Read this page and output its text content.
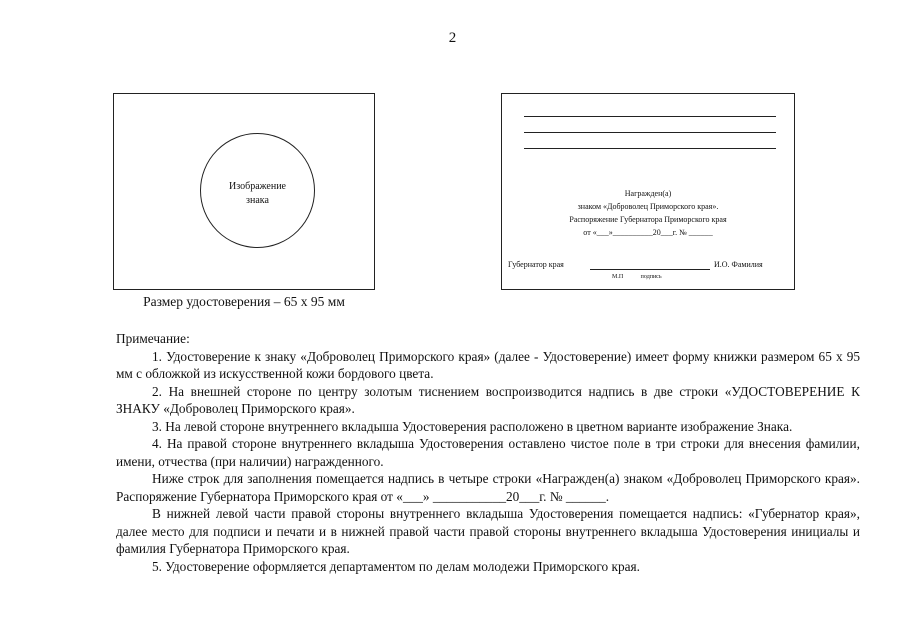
2
Изображение
знака
Размер удостоверения – 65 х 95 мм
Награжден(а)
знаком «Доброволец Приморского края».
Распоряжение Губернатора Приморского края
от «___»__________20___г. № ______
Губернатор края	И.О. Фамилия
М.П	подпись

Примечание:

1. Удостоверение к знаку «Доброволец Приморского края» (далее - Удостоверение) имеет форму книжки размером 65 х 95 мм с обложкой из искусственной кожи бордового цвета.

2. На внешней стороне по центру золотым тиснением воспроизводится надпись в две строки «УДОСТОВЕРЕНИЕ К ЗНАКУ «Доброволец Приморского края».

3. На левой стороне внутреннего вкладыша Удостоверения расположено в цветном варианте изображение Знака.

4. На правой стороне внутреннего вкладыша Удостоверения оставлено чистое поле в три строки для внесения фамилии, имени, отчества (при наличии) награжденного.

Ниже строк для заполнения помещается надпись в четыре строки «Награжден(а) знаком «Доброволец Приморского края». Распоряжение Губернатора Приморского края от «___» ___________20___г. № ______.

В нижней левой части правой стороны внутреннего вкладыша Удостоверения помещается надпись: «Губернатор края», далее место для подписи и печати и в нижней правой части правой стороны внутреннего вкладыша Удостоверения инициалы и фамилия Губернатора Приморского края.

5. Удостоверение оформляется департаментом по делам молодежи Приморского края.
